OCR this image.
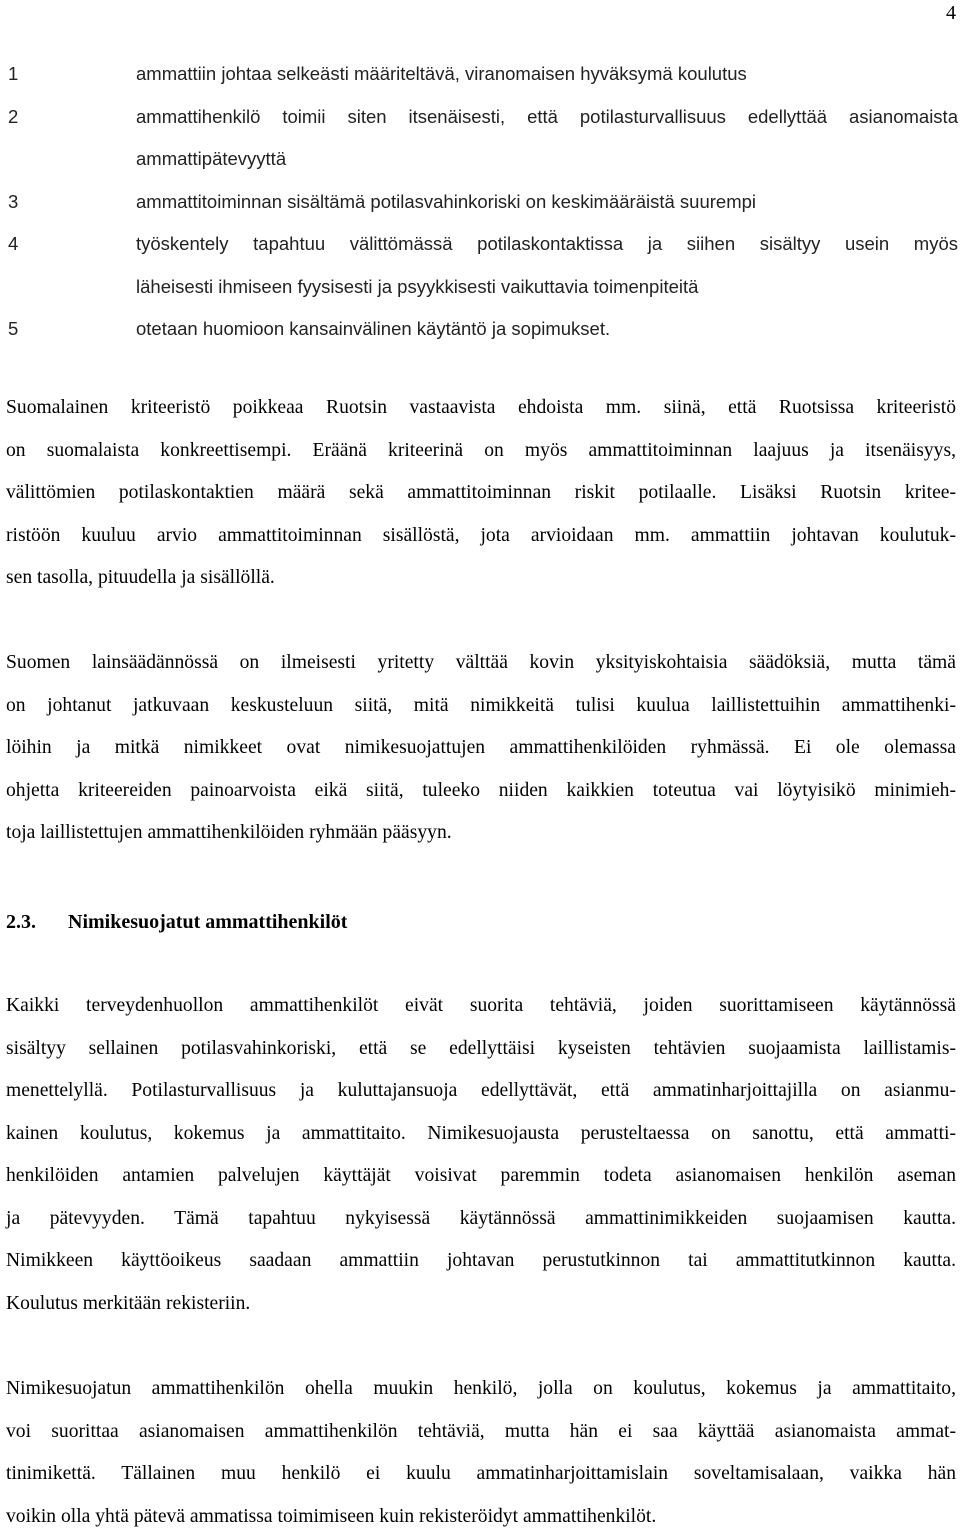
4
1	ammattiin johtaa selkeästi määriteltävä, viranomaisen hyväksymä koulutus
2	ammattihenkilö toimii siten itsenäisesti, että potilasturvallisuus edellyttää asianomaista
ammattipätevyyttä
3	ammattitoiminnan sisältämä potilasvahinkoriski on keskimääräistä suurempi
4	työskentely tapahtuu välittömässä potilaskontaktissa ja siihen sisältyy usein myös
läheisesti ihmiseen fyysisesti ja psyykkisesti vaikuttavia toimenpiteitä
5	otetaan huomioon kansainvälinen käytäntö ja sopimukset.

Suomalainen kriteeristö poikkeaa Ruotsin vastaavista ehdoista mm. siinä, että Ruotsissa kriteeristö
on suomalaista konkreettisempi. Eräänä kriteerinä on myös ammattitoiminnan laajuus ja itsenäisyys,
välittömien potilaskontaktien määrä sekä ammattitoiminnan riskit potilaalle. Lisäksi Ruotsin kritee-
ristöön kuuluu arvio ammattitoiminnan sisällöstä, jota arvioidaan mm. ammattiin johtavan koulutuk-
sen tasolla, pituudella ja sisällöllä.

Suomen lainsäädännössä on ilmeisesti yritetty välttää kovin yksityiskohtaisia säädöksiä, mutta tämä
on johtanut jatkuvaan keskusteluun siitä, mitä nimikkeitä tulisi kuulua laillistettuihin ammattihenki-
löihin ja mitkä nimikkeet ovat nimikesuojattujen ammattihenkilöiden ryhmässä. Ei ole olemassa
ohjetta kriteereiden painoarvoista eikä siitä, tuleeko niiden kaikkien toteutua vai löytyisikö minimieh-
toja laillistettujen ammattihenkilöiden ryhmään pääsyyn.

2.3. Nimikesuojatut ammattihenkilöt

Kaikki terveydenhuollon ammattihenkilöt eivät suorita tehtäviä, joiden suorittamiseen käytännössä
sisältyy sellainen potilasvahinkoriski, että se edellyttäisi kyseisten tehtävien suojaamista laillistamis-
menettelyllä. Potilasturvallisuus ja kuluttajansuoja edellyttävät, että ammatinharjoittajilla on asianmu-
kainen koulutus, kokemus ja ammattitaito. Nimikesuojausta perusteltaessa on sanottu, että ammatti-
henkilöiden antamien palvelujen käyttäjät voisivat paremmin todeta asianomaisen henkilön aseman
ja pätevyyden. Tämä tapahtuu nykyisessä käytännössä ammattinimikkeiden suojaamisen kautta.
Nimikkeen käyttöoikeus saadaan ammattiin johtavan perustutkinnon tai ammattitutkinnon kautta.
Koulutus merkitään rekisteriin.

Nimikesuojatun ammattihenkilön ohella muukin henkilö, jolla on koulutus, kokemus ja ammattitaito,
voi suorittaa asianomaisen ammattihenkilön tehtäviä, mutta hän ei saa käyttää asianomaista ammat-
tinimikettä. Tällainen muu henkilö ei kuulu ammatinharjoittamislain soveltamisalaan, vaikka hän
voikin olla yhtä pätevä ammatissa toimimiseen kuin rekisteröidyt ammattihenkilöt.
